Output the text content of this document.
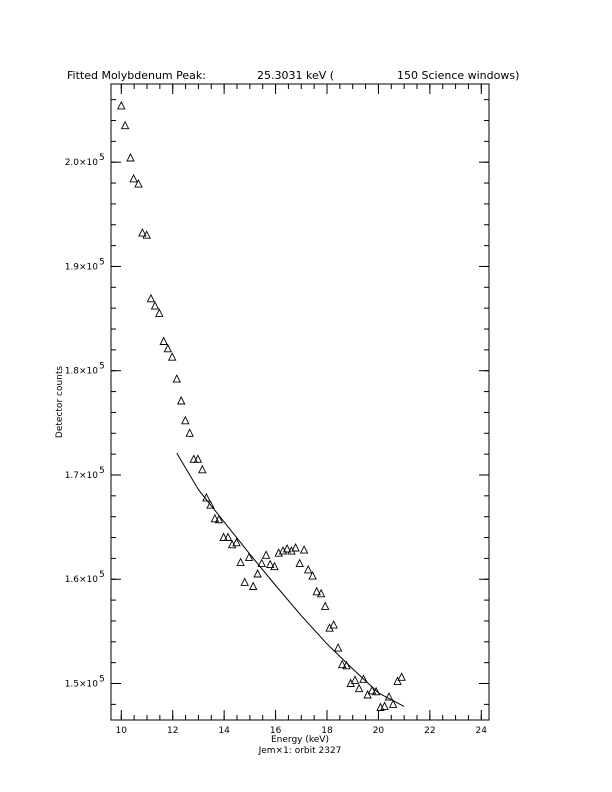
Fitted Molybdenum Peak:	25.3031 keV (	150 Science windows)
10	12	14	16	18	20	22	24
1.5×10 5
1.6×10 5
1.7×10 5
1.8×10 5
1.9×10 5
2.0×10 5
Energy (keV)
Jem×1: orbit 2327
Detector counts
